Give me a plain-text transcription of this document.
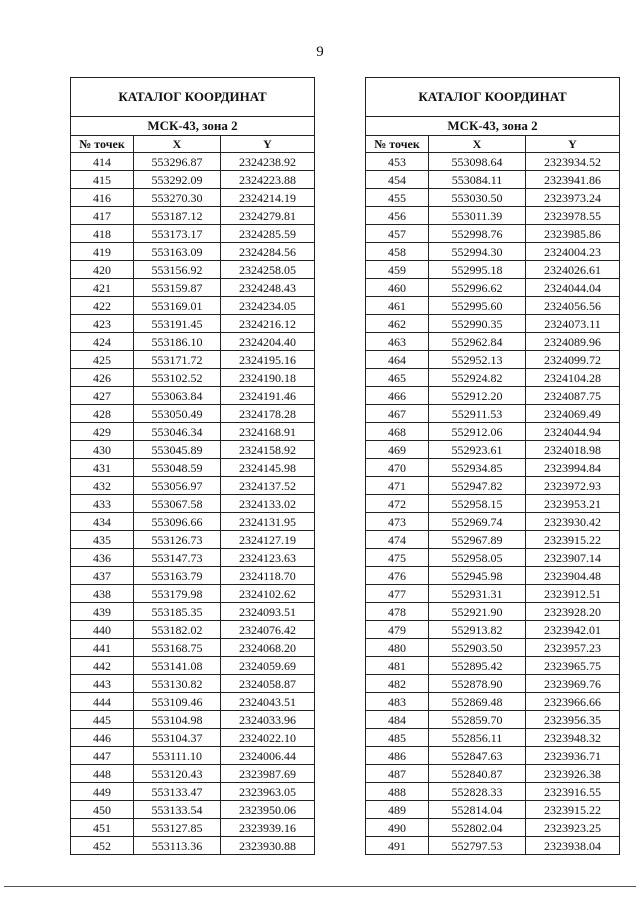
9
КАТАЛОГ КООРДИНАТ		
МСК-43, зона 2		
№ точек	X	Y
414	553296.87	2324238.92
415	553292.09	2324223.88
416	553270.30	2324214.19
417	553187.12	2324279.81
418	553173.17	2324285.59
419	553163.09	2324284.56
420	553156.92	2324258.05
421	553159.87	2324248.43
422	553169.01	2324234.05
423	553191.45	2324216.12
424	553186.10	2324204.40
425	553171.72	2324195.16
426	553102.52	2324190.18
427	553063.84	2324191.46
428	553050.49	2324178.28
429	553046.34	2324168.91
430	553045.89	2324158.92
431	553048.59	2324145.98
432	553056.97	2324137.52
433	553067.58	2324133.02
434	553096.66	2324131.95
435	553126.73	2324127.19
436	553147.73	2324123.63
437	553163.79	2324118.70
438	553179.98	2324102.62
439	553185.35	2324093.51
440	553182.02	2324076.42
441	553168.75	2324068.20
442	553141.08	2324059.69
443	553130.82	2324058.87
444	553109.46	2324043.51
445	553104.98	2324033.96
446	553104.37	2324022.10
447	553111.10	2324006.44
448	553120.43	2323987.69
449	553133.47	2323963.05
450	553133.54	2323950.06
451	553127.85	2323939.16
452	553113.36	2323930.88
КАТАЛОГ КООРДИНАТ		
МСК-43, зона 2		
№ точек	X	Y
453	553098.64	2323934.52
454	553084.11	2323941.86
455	553030.50	2323973.24
456	553011.39	2323978.55
457	552998.76	2323985.86
458	552994.30	2324004.23
459	552995.18	2324026.61
460	552996.62	2324044.04
461	552995.60	2324056.56
462	552990.35	2324073.11
463	552962.84	2324089.96
464	552952.13	2324099.72
465	552924.82	2324104.28
466	552912.20	2324087.75
467	552911.53	2324069.49
468	552912.06	2324044.94
469	552923.61	2324018.98
470	552934.85	2323994.84
471	552947.82	2323972.93
472	552958.15	2323953.21
473	552969.74	2323930.42
474	552967.89	2323915.22
475	552958.05	2323907.14
476	552945.98	2323904.48
477	552931.31	2323912.51
478	552921.90	2323928.20
479	552913.82	2323942.01
480	552903.50	2323957.23
481	552895.42	2323965.75
482	552878.90	2323969.76
483	552869.48	2323966.66
484	552859.70	2323956.35
485	552856.11	2323948.32
486	552847.63	2323936.71
487	552840.87	2323926.38
488	552828.33	2323916.55
489	552814.04	2323915.22
490	552802.04	2323923.25
491	552797.53	2323938.04
